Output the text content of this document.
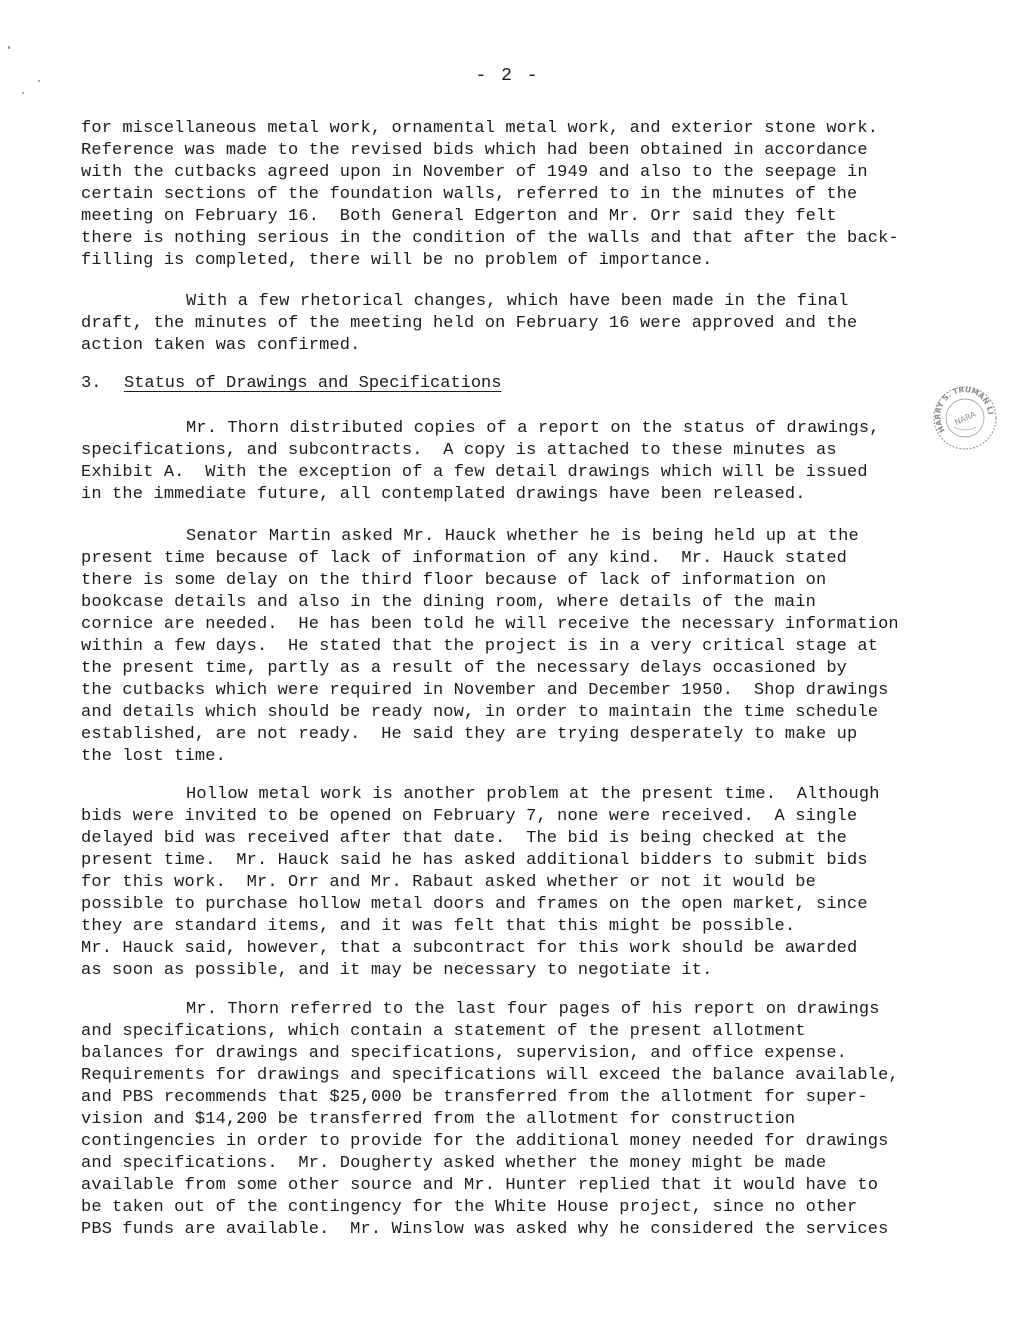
- 2 -
for miscellaneous metal work, ornamental metal work, and exterior stone work.
Reference was made to the revised bids which had been obtained in accordance
with the cutbacks agreed upon in November of 1949 and also to the seepage in
certain sections of the foundation walls, referred to in the minutes of the
meeting on February 16.  Both General Edgerton and Mr. Orr said they felt
there is nothing serious in the condition of the walls and that after the back-
filling is completed, there will be no problem of importance.
With a few rhetorical changes, which have been made in the final
draft, the minutes of the meeting held on February 16 were approved and the
action taken was confirmed.
3. Status of Drawings and Specifications
HARRY S. TRUMAN LIBRARY
NARA
Mr. Thorn distributed copies of a report on the status of drawings,
specifications, and subcontracts.  A copy is attached to these minutes as
Exhibit A.  With the exception of a few detail drawings which will be issued
in the immediate future, all contemplated drawings have been released.
Senator Martin asked Mr. Hauck whether he is being held up at the
present time because of lack of information of any kind.  Mr. Hauck stated
there is some delay on the third floor because of lack of information on
bookcase details and also in the dining room, where details of the main
cornice are needed.  He has been told he will receive the necessary information
within a few days.  He stated that the project is in a very critical stage at
the present time, partly as a result of the necessary delays occasioned by
the cutbacks which were required in November and December 1950.  Shop drawings
and details which should be ready now, in order to maintain the time schedule
established, are not ready.  He said they are trying desperately to make up
the lost time.
Hollow metal work is another problem at the present time.  Although
bids were invited to be opened on February 7, none were received.  A single
delayed bid was received after that date.  The bid is being checked at the
present time.  Mr. Hauck said he has asked additional bidders to submit bids
for this work.  Mr. Orr and Mr. Rabaut asked whether or not it would be
possible to purchase hollow metal doors and frames on the open market, since
they are standard items, and it was felt that this might be possible.
Mr. Hauck said, however, that a subcontract for this work should be awarded
as soon as possible, and it may be necessary to negotiate it.
Mr. Thorn referred to the last four pages of his report on drawings
and specifications, which contain a statement of the present allotment
balances for drawings and specifications, supervision, and office expense.
Requirements for drawings and specifications will exceed the balance available,
and PBS recommends that $25,000 be transferred from the allotment for super-
vision and $14,200 be transferred from the allotment for construction
contingencies in order to provide for the additional money needed for drawings
and specifications.  Mr. Dougherty asked whether the money might be made
available from some other source and Mr. Hunter replied that it would have to
be taken out of the contingency for the White House project, since no other
PBS funds are available.  Mr. Winslow was asked why he considered the services
